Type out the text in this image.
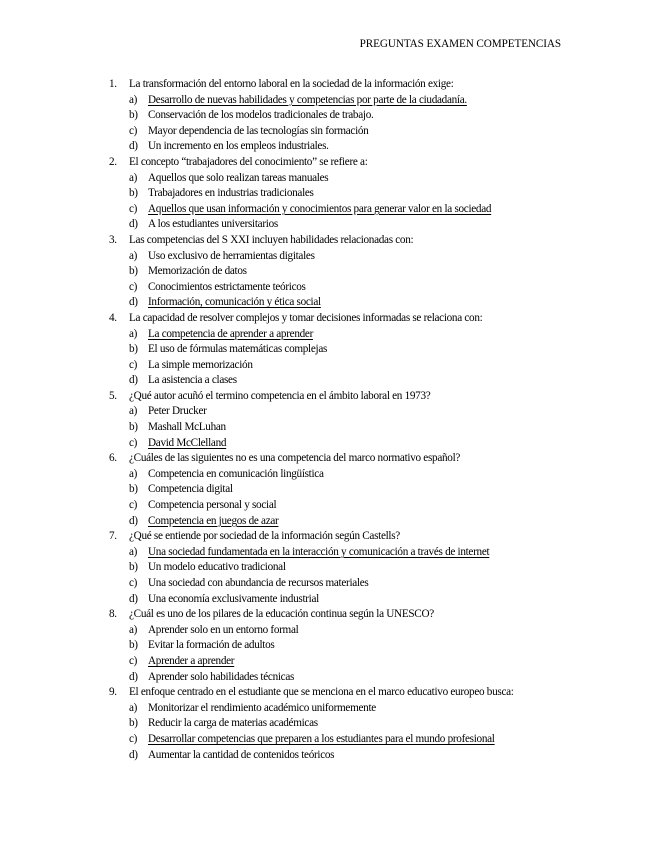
PREGUNTAS EXAMEN COMPETENCIAS
1. La transformación del entorno laboral en la sociedad de la información exige:
a) Desarrollo de nuevas habilidades y competencias por parte de la ciudadanía.
b) Conservación de los modelos tradicionales de trabajo.
c) Mayor dependencia de las tecnologías sin formación
d) Un incremento en los empleos industriales.
2. El concepto “trabajadores del conocimiento” se refiere a:
a) Aquellos que solo realizan tareas manuales
b) Trabajadores en industrias tradicionales
c) Aquellos que usan información y conocimientos para generar valor en la sociedad
d) A los estudiantes universitarios
3. Las competencias del S XXI incluyen habilidades relacionadas con:
a) Uso exclusivo de herramientas digitales
b) Memorización de datos
c) Conocimientos estrictamente teóricos
d) Información, comunicación y ética social
4. La capacidad de resolver complejos y tomar decisiones informadas se relaciona con:
a) La competencia de aprender a aprender
b) El uso de fórmulas matemáticas complejas
c) La simple memorización
d) La asistencia a clases
5. ¿Qué autor acuñó el termino competencia en el ámbito laboral en 1973?
a) Peter Drucker
b) Mashall McLuhan
c) David McClelland
6. ¿Cuáles de las siguientes no es una competencia del marco normativo español?
a) Competencia en comunicación lingüística
b) Competencia digital
c) Competencia personal y social
d) Competencia en juegos de azar
7. ¿Qué se entiende por sociedad de la información según Castells?
a) Una sociedad fundamentada en la interacción y comunicación a través de internet
b) Un modelo educativo tradicional
c) Una sociedad con abundancia de recursos materiales
d) Una economía exclusivamente industrial
8. ¿Cuál es uno de los pilares de la educación continua según la UNESCO?
a) Aprender solo en un entorno formal
b) Evitar la formación de adultos
c) Aprender a aprender
d) Aprender solo habilidades técnicas
9. El enfoque centrado en el estudiante que se menciona en el marco educativo europeo busca:
a) Monitorizar el rendimiento académico uniformemente
b) Reducir la carga de materias académicas
c) Desarrollar competencias que preparen a los estudiantes para el mundo profesional
d) Aumentar la cantidad de contenidos teóricos
